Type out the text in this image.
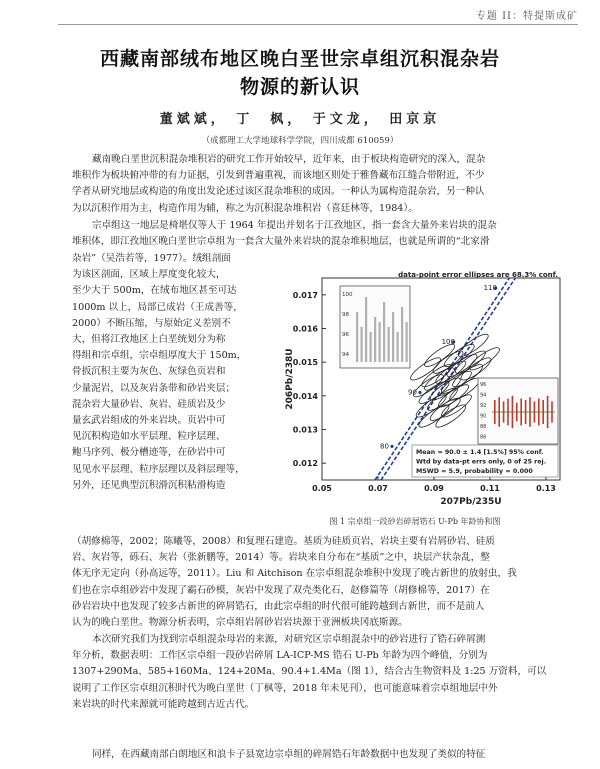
专题 II：特提斯成矿
西藏南部绒布地区晚白垩世宗卓组沉积混杂岩
物源的新认识
董斌斌， 丁　枫， 于文龙， 田京京
（成都理工大学地球科学学院，四川成都 610059）
藏南晚白垩世沉积混杂堆积岩的研究工作开始较早，近年来，由于板块构造研究的深入，混杂
堆积作为板块俯冲带的有力证据，引发到普遍重视，而该地区则处于雅鲁藏布江缝合带附近，不少
学者从研究地层或构造的角度出发论述过该区混杂堆积的成因。一种认为属构造混杂岩，另一种认
为以沉积作用为主，构造作用为辅，称之为沉积混杂堆积岩（喜廷林等，1984）。
宗卓组这一地层是椅堪仅等人于 1964 年提出并划名于江孜地区，指一套含大量外来岩块的混杂
堆积体，即江孜地区晚白垩世宗卓组为一套含大量外来岩块的混杂堆积地层，也就是所谓的“北家滑
杂岩”（吴浩若等，1977）。绒组剖面
为该区剖面，区域上厚度变化较大，
至少大于 500m，在绒布地区甚至可达
1000m 以上，局部已成岩（王成善等，
2000）不断压缩，与原始定义差别不
大，但将江孜地区上白垩统划分为称
得组和宗卓组，宗卓组厚度大于 150m，
骨扳沉积主要为灰色、灰绿色页岩和
少量泥岩，以及灰岩条带和砂岩夹层；
混杂岩大量砂岩、灰岩、硅质岩及少
量玄武岩组成的外来岩块。页岩中可
见沉积构造如水平层理、粒序层理、
鲍马序列、极分槽迹等，在砂岩中可
见见水平层理、粒序层理以及斜层理等，
另外，还见典型沉积滑沉积粘滑构造	0.05	0.07	0.09	0.11	0.13
0.012
0.013
0.014
0.015
0.016
0.017
207Pb/235U
206Pb/238U
data-point error ellipses are 68.3% conf.
110
100
90
80
100
98
96
94
96
94
92
90
88
86
Mean = 90.0 ± 1.4 [1.5%] 95% conf.
Wtd by data-pt errs only, 0 of 25 rej.
MSWD = 5.9, probability = 0.000
图 1 宗卓组一段砂岩碎屑锆石 U-Pb 年龄协和图
（胡修棉等，2002；陈曦等，2008）和复理石建造。基质为硅质页岩，岩块主要有岩屑砂岩、硅质
岩、灰岩等，砾石、灰岩（张新鹏等，2014）等。岩块来自分布在“基质”之中，块层产状杂乱，整
体无序无定向（孙高远等，2011）。Liu 和 Aitchison 在宗卓组混杂堆积中发现了晚古新世的放射虫，我
们也在宗卓组砂岩中发现了霸石砂模，灰岩中发现了双壳类化石，赵修篇等（胡修棉等，2017）在
砂岩岩块中也发现了较多古新世的碎屑锆石，由此宗卓组的时代很可能跨越到古新世，而不是前人
认为的晚白垩世。物源分析表明，宗卓组岩屑砂岩岩块源于亚洲板块冈底斯源。
本次研究我们为找到宗卓组混杂母岩的来源，对研究区宗卓组混杂中的砂岩进行了锆石碎屑测
年分析，数据表明：工作区宗卓组一段砂岩碎屑 LA-ICP-MS 锆石 U-Pb 年龄为四个峰值，分别为
1307+290Ma、585+160Ma、124+20Ma、90.4+1.4Ma（图 1），结合古生物资料及 1:25 万资料，可以
说明了工作区宗卓组沉积时代为晚白垩世（丁枫等，2018 年未见刊），也可能意味着宗卓组地层中外
来岩块的时代来源就可能跨越到古近古代。
同样，在西藏南部白朗地区和浪卡子县宽边宗卓组的碎屑锆石年龄数据中也发现了类似的特征
